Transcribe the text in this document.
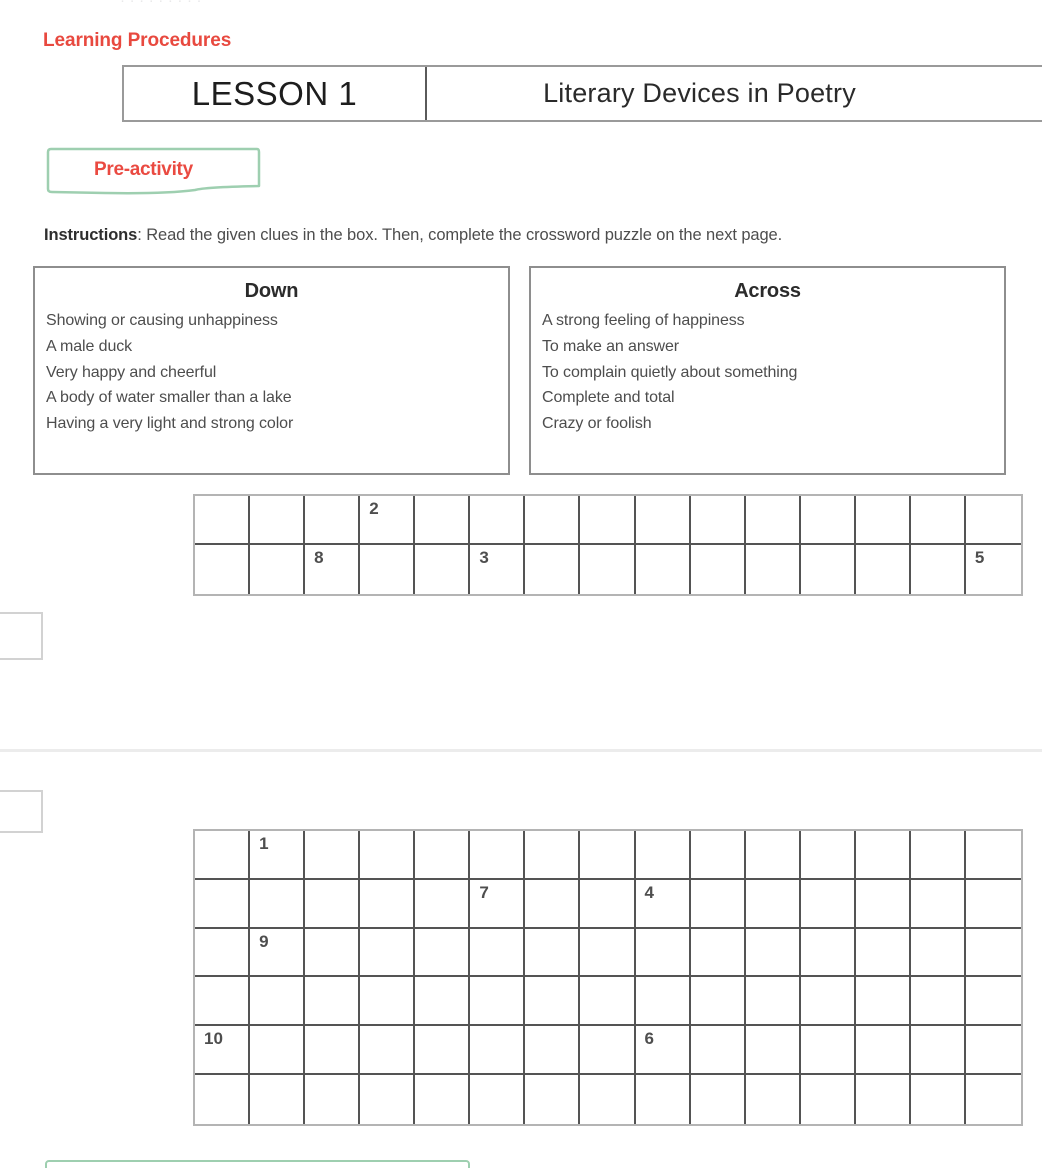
· · · · · · · · ·
Learning Procedures
LESSON 1	Literary Devices in Poetry
Pre-activity
Instructions: Read the given clues in the box. Then, complete the crossword puzzle on the next page.
Down
Showing or causing unhappiness
A male duck
Very happy and cheerful
A body of water smaller than a lake
Having a very light and strong color
Across
A strong feeling of happiness
To make an answer
To complain quietly about something
Complete and total
Crazy or foolish
2
8	3	5
1
7	4
9
10	6
